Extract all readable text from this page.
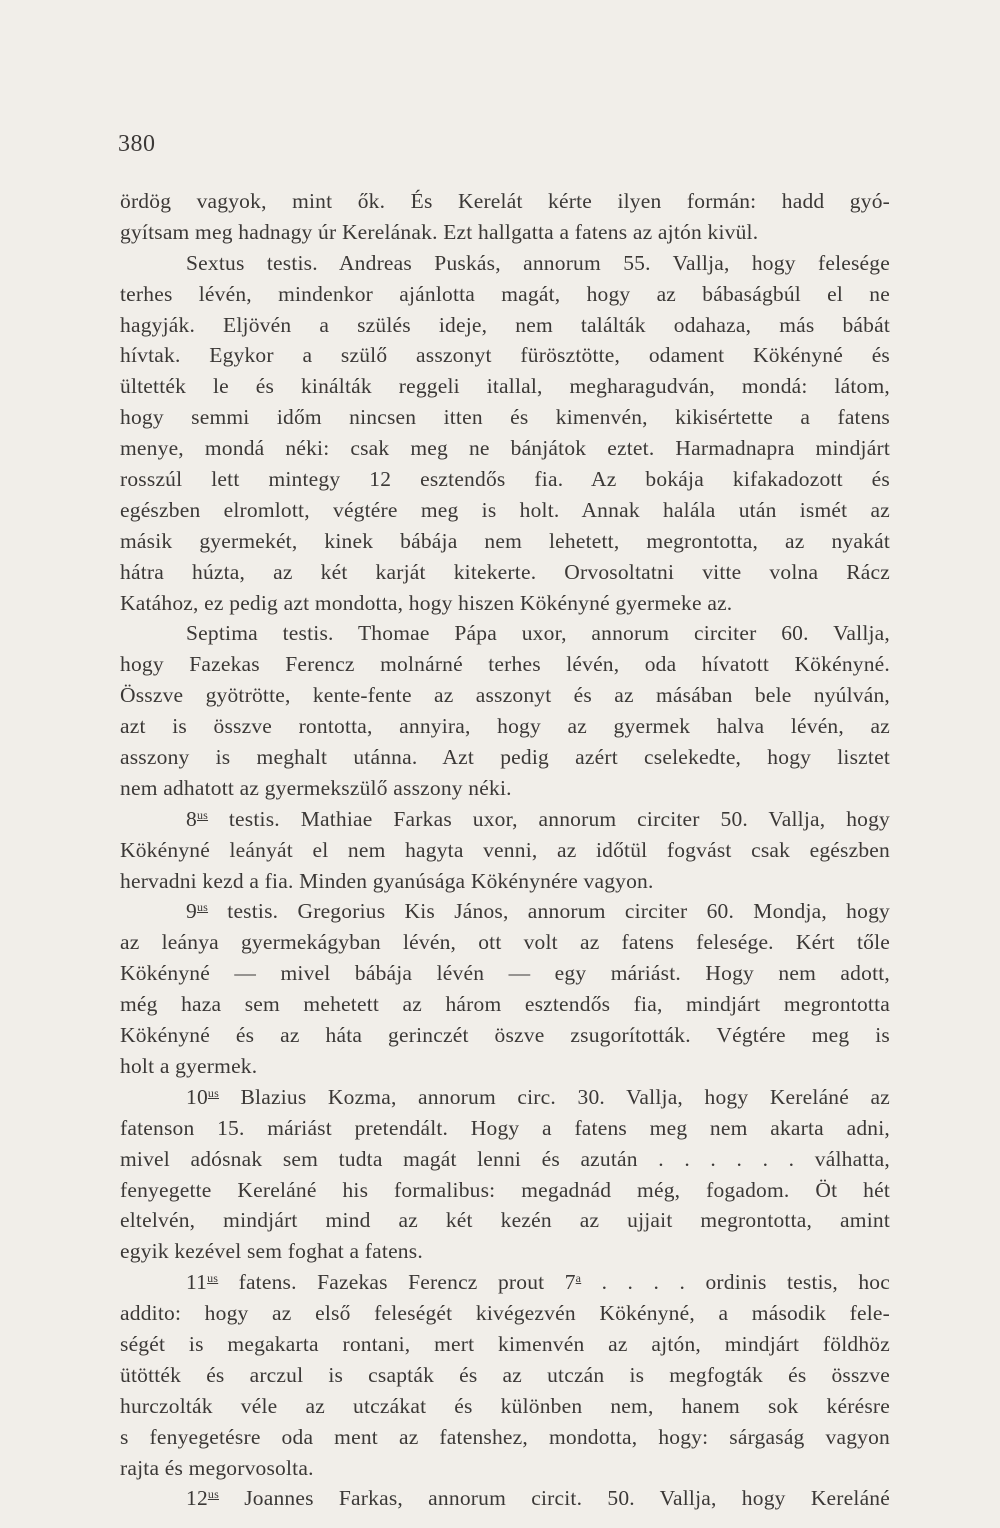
380
ördög vagyok, mint ők. És Kerelát kérte ilyen formán: hadd gyó-
gyítsam meg hadnagy úr Kerelának. Ezt hallgatta a fatens az ajtón kivül.
Sextus testis. Andreas Puskás, annorum 55. Vallja, hogy felesége
terhes lévén, mindenkor ajánlotta magát, hogy az bábaságbúl el ne
hagyják. Eljövén a szülés ideje, nem találták odahaza, más bábát
hívtak. Egykor a szülő asszonyt fürösztötte, odament Kökényné és
ültették le és kinálták reggeli itallal, megharagudván, mondá: látom,
hogy semmi időm nincsen itten és kimenvén, kikisértette a fatens
menye, mondá néki: csak meg ne bánjátok eztet. Harmadnapra mindjárt
rosszúl lett mintegy 12 esztendős fia. Az bokája kifakadozott és
egészben elromlott, végtére meg is holt. Annak halála után ismét az
másik gyermekét, kinek bábája nem lehetett, megrontotta, az nyakát
hátra húzta, az két karját kitekerte. Orvosoltatni vitte volna Rácz
Katához, ez pedig azt mondotta, hogy hiszen Kökényné gyermeke az.
Septima testis. Thomae Pápa uxor, annorum circiter 60. Vallja,
hogy Fazekas Ferencz molnárné terhes lévén, oda hívatott Kökényné.
Összve gyötrötte, kente-fente az asszonyt és az másában bele nyúlván,
azt is összve rontotta, annyira, hogy az gyermek halva lévén, az
asszony is meghalt utánna. Azt pedig azért cselekedte, hogy lisztet
nem adhatott az gyermekszülő asszony néki.
$8^{us}$ testis. Mathiae Farkas uxor, annorum circiter 50. Vallja, hogy
Kökényné leányát el nem hagyta venni, az időtül fogvást csak egészben
hervadni kezd a fia. Minden gyanúsága Kökénynére vagyon.
$9^{us}$ testis. Gregorius Kis János, annorum circiter 60. Mondja, hogy
az leánya gyermekágyban lévén, ott volt az fatens felesége. Kért tőle
Kökényné — mivel bábája lévén — egy máriást. Hogy nem adott,
még haza sem mehetett az három esztendős fia, mindjárt megrontotta
Kökényné és az háta gerinczét öszve zsugorították. Végtére meg is
holt a gyermek.
$10^{us}$ Blazius Kozma, annorum circ. 30. Vallja, hogy Kereláné az
fatenson 15. máriást pretendált. Hogy a fatens meg nem akarta adni,
mivel adósnak sem tudta magát lenni és azután . . . . . . válhatta,
fenyegette Kereláné his formalibus: megadnád még, fogadom. Öt hét
eltelvén, mindjárt mind az két kezén az ujjait megrontotta, amint
egyik kezével sem foghat a fatens.
$11^{us}$ fatens. Fazekas Ferencz prout 7$^a$ . . . . ordinis testis, hoc
addito: hogy az első feleségét kivégezvén Kökényné, a második fele-
ségét is megakarta rontani, mert kimenvén az ajtón, mindjárt földhöz
ütötték és arczul is csapták és az utczán is megfogták és összve
hurczolták véle az utczákat és különben nem, hanem sok kérésre
s fenyegetésre oda ment az fatenshez, mondotta, hogy: sárgaság vagyon
rajta és megorvosolta.
$12^{us}$ Joannes Farkas, annorum circit. 50. Vallja, hogy Kereláné
